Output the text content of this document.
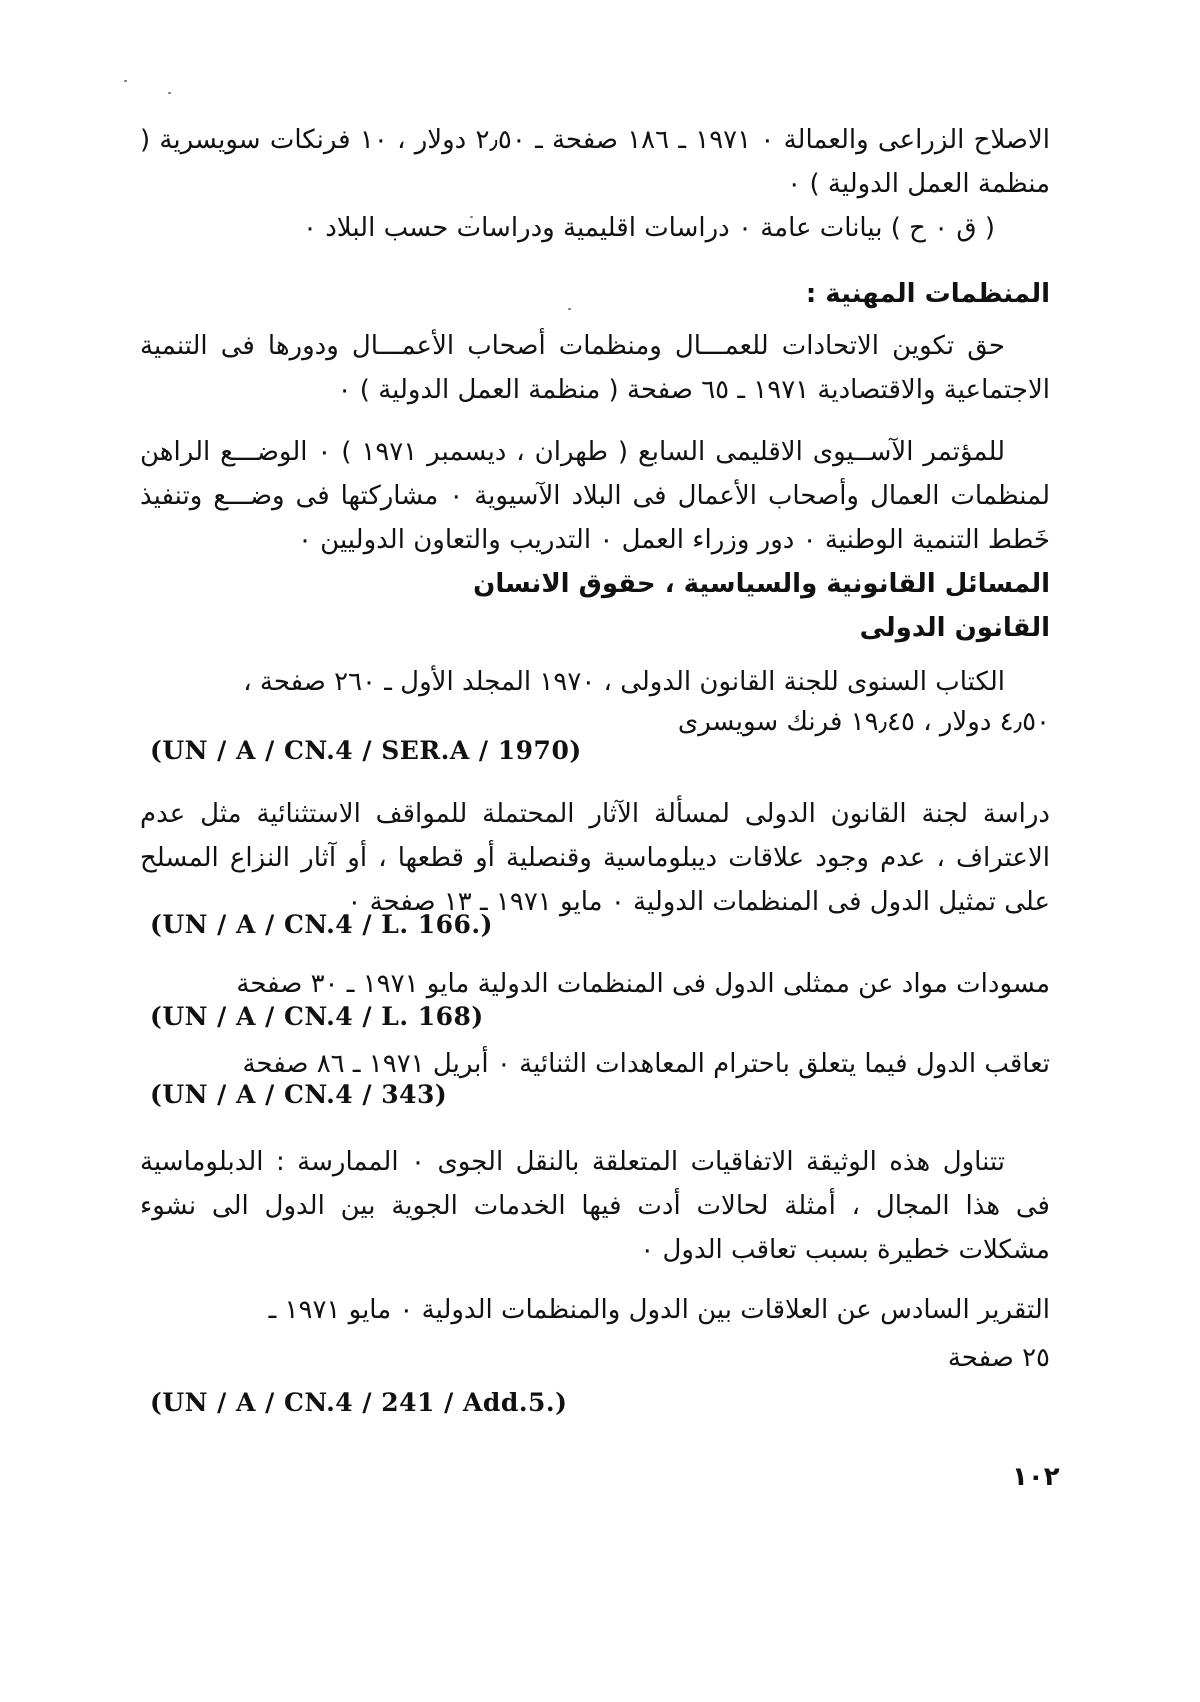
الاصلاح الزراعى والعمالة ٠ ١٩٧١ ـ ١٨٦ صفحة ـ ٢٫٥٠ دولار ، ١٠ فرنكات سويسرية ( منظمة العمل الدولية ) ٠
( ق ٠ ح ) بيانات عامة ٠ دراسات اقليمية ودراسات حسب البلاد ٠
المنظمات المهنية :
حق تكوين الاتحادات للعمـــال ومنظمات أصحاب الأعمـــال ودورها فى التنمية الاجتماعية والاقتصادية ١٩٧١ ـ ٦٥ صفحة ( منظمة العمل الدولية ) ٠
للمؤتمر الآســيوى الاقليمى السابع ( طهران ، ديسمبر ١٩٧١ ) ٠ الوضـــع الراهن لمنظمات العمال وأصحاب الأعمال فى البلاد الآسيوية ٠ مشاركتها فى وضـــع وتنفيذ خَطط التنمية الوطنية ٠ دور وزراء العمل ٠ التدريب والتعاون الدوليين ٠
المسائل القانونية والسياسية ، حقوق الانسان
القانون الدولى
الكتاب السنوى للجنة القانون الدولى ، ١٩٧٠ المجلد الأول ـ ٢٦٠ صفحة ،
٤٫٥٠ دولار ، ١٩٫٤٥ فرنك سويسرى
(UN / A / CN.4 / SER.A / 1970)
دراسة لجنة القانون الدولى لمسألة الآثار المحتملة للمواقف الاستثنائية مثل عدم الاعتراف ، عدم وجود علاقات ديبلوماسية وقنصلية أو قطعها ، أو آثار النزاع المسلح على تمثيل الدول فى المنظمات الدولية ٠ مايو ١٩٧١ ـ ١٣ صفحة ٠
(UN / A / CN.4 / L. 166.)
مسودات مواد عن ممثلى الدول فى المنظمات الدولية مايو ١٩٧١ ـ ٣٠ صفحة
(UN / A / CN.4 / L. 168)
تعاقب الدول فيما يتعلق باحترام المعاهدات الثنائية ٠ أبريل ١٩٧١ ـ ٨٦ صفحة
(UN / A / CN.4 / 343)
تتناول هذه الوثيقة الاتفاقيات المتعلقة بالنقل الجوى ٠ الممارسة : الدبلوماسية فى هذا المجال ، أمثلة لحالات أدت فيها الخدمات الجوية بين الدول الى نشوء مشكلات خطيرة بسبب تعاقب الدول ٠
التقرير السادس عن العلاقات بين الدول والمنظمات الدولية ٠ مايو ١٩٧١ ـ
٢٥ صفحة
(UN / A / CN.4 / 241 / Add.5.)
١٠٢
